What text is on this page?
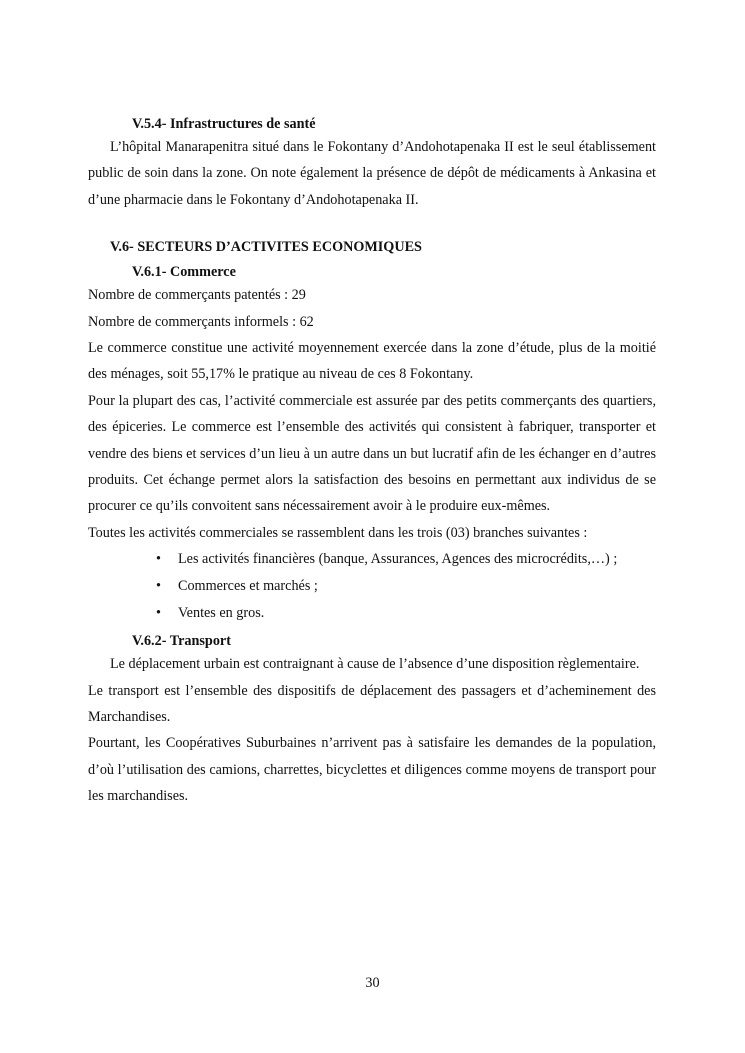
V.5.4- Infrastructures de santé

L’hôpital Manarapenitra situé dans le Fokontany d’Andohotapenaka II est le seul établissement public de soin dans la zone. On note également la présence de dépôt de médicaments à Ankasina et d’une pharmacie dans le Fokontany d’Andohotapenaka II.

V.6- SECTEURS D’ACTIVITES ECONOMIQUES
V.6.1- Commerce
Nombre de commerçants patentés : 29
Nombre de commerçants informels : 62

Le commerce constitue une activité moyennement exercée dans la zone d’étude, plus de la moitié des ménages, soit 55,17% le pratique au niveau de ces 8 Fokontany.

Pour la plupart des cas, l’activité commerciale est assurée par des petits commerçants des quartiers, des épiceries. Le commerce est l’ensemble des activités qui consistent à fabriquer, transporter et vendre des biens et services d’un lieu à un autre dans un but lucratif afin de les échanger en d’autres produits. Cet échange permet alors la satisfaction des besoins en permettant aux individus de se procurer ce qu’ils convoitent sans nécessairement avoir à le produire eux-mêmes.

Toutes les activités commerciales se rassemblent dans les trois (03) branches suivantes :
• Les activités financières (banque, Assurances, Agences des microcrédits,…) ;
• Commerces et marchés ;
• Ventes en gros.
V.6.2- Transport

Le déplacement urbain est contraignant à cause de l’absence d’une disposition règlementaire.

Le transport est l’ensemble des dispositifs de déplacement des passagers et d’acheminement des Marchandises.

Pourtant, les Coopératives Suburbaines n’arrivent pas à satisfaire les demandes de la population, d’où l’utilisation des camions, charrettes, bicyclettes et diligences comme moyens de transport pour les marchandises.

30
